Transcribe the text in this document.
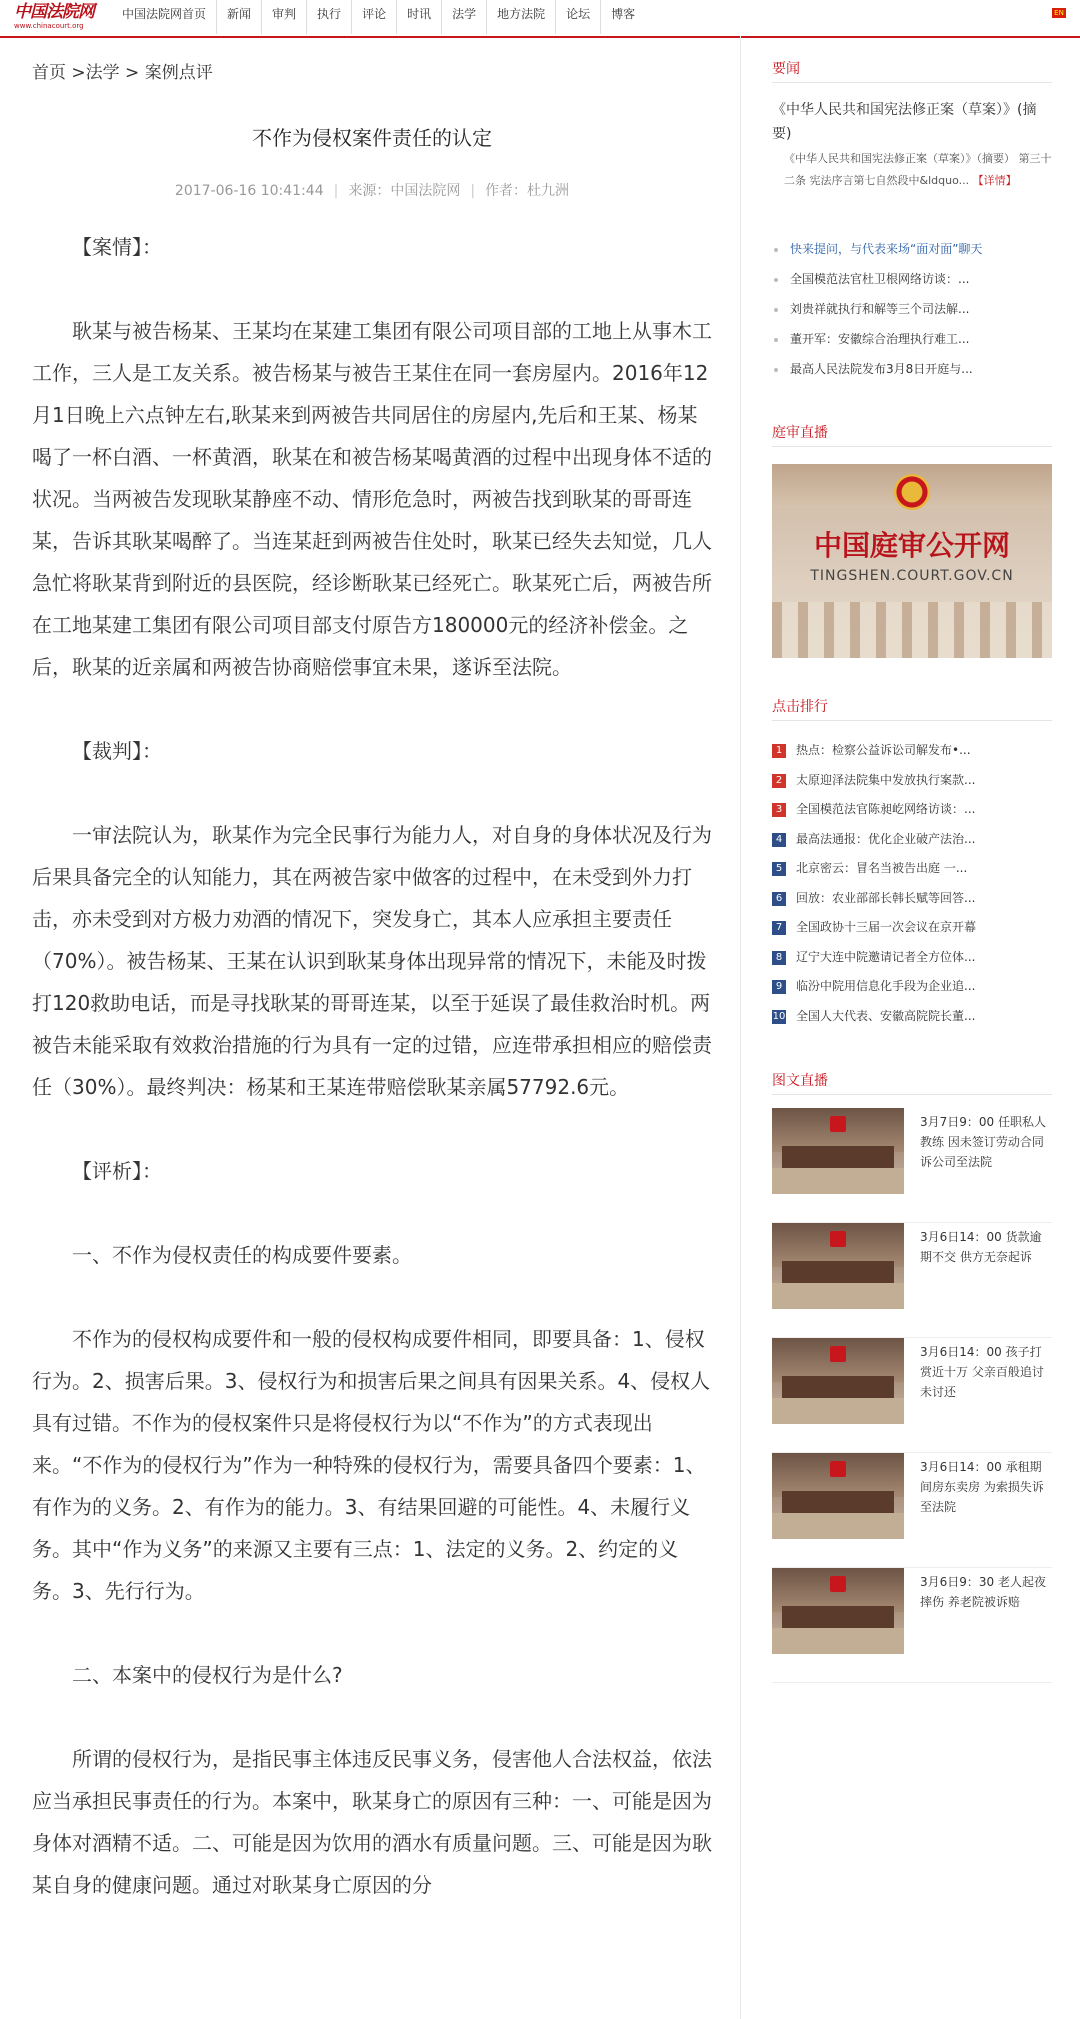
中国法院网
www.chinacourt.org
中国法院网首页	新闻	审判	执行	评论	时讯	法学	地方法院	论坛	博客	EN
首页 >法学 > 案例点评
不作为侵权案件责任的认定
2017-06-16 10:41:44 | 来源：中国法院网 | 作者：杜九洲
【案情】：

耿某与被告杨某、王某均在某建工集团有限公司项目部的工地上从事木工工作，三人是工友关系。被告杨某与被告王某住在同一套房屋内。2016年12月1日晚上六点钟左右,耿某来到两被告共同居住的房屋内,先后和王某、杨某喝了一杯白酒、一杯黄酒，耿某在和被告杨某喝黄酒的过程中出现身体不适的状况。当两被告发现耿某静座不动、情形危急时，两被告找到耿某的哥哥连某，告诉其耿某喝醉了。当连某赶到两被告住处时，耿某已经失去知觉，几人急忙将耿某背到附近的县医院，经诊断耿某已经死亡。耿某死亡后，两被告所在工地某建工集团有限公司项目部支付原告方180000元的经济补偿金。之后，耿某的近亲属和两被告协商赔偿事宜未果，遂诉至法院。

【裁判】：

一审法院认为，耿某作为完全民事行为能力人，对自身的身体状况及行为后果具备完全的认知能力，其在两被告家中做客的过程中，在未受到外力打击，亦未受到对方极力劝酒的情况下，突发身亡，其本人应承担主要责任（70%）。被告杨某、王某在认识到耿某身体出现异常的情况下，未能及时拨打120救助电话，而是寻找耿某的哥哥连某，以至于延误了最佳救治时机。两被告未能采取有效救治措施的行为具有一定的过错，应连带承担相应的赔偿责任（30%）。最终判决：杨某和王某连带赔偿耿某亲属57792.6元。

【评析】：

一、不作为侵权责任的构成要件要素。

不作为的侵权构成要件和一般的侵权构成要件相同，即要具备：1、侵权行为。2、损害后果。3、侵权行为和损害后果之间具有因果关系。4、侵权人具有过错。不作为的侵权案件只是将侵权行为以“不作为”的方式表现出来。“不作为的侵权行为”作为一种特殊的侵权行为，需要具备四个要素：1、有作为的义务。2、有作为的能力。3、有结果回避的可能性。4、未履行义务。其中“作为义务”的来源又主要有三点：1、法定的义务。2、约定的义务。3、先行行为。

二、本案中的侵权行为是什么?

所谓的侵权行为，是指民事主体违反民事义务，侵害他人合法权益，依法应当承担民事责任的行为。本案中，耿某身亡的原因有三种：一、可能是因为身体对酒精不适。二、可能是因为饮用的酒水有质量问题。三、可能是因为耿某自身的健康问题。通过对耿某身亡原因的分

要闻
《中华人民共和国宪法修正案（草案）》(摘要)
《中华人民共和国宪法修正案（草案）》（摘要） 第三十二条 宪法序言第七自然段中&ldquo... 【详情】
快来提问，与代表来场“面对面”聊天
全国模范法官杜卫根网络访谈：...
刘贵祥就执行和解等三个司法解...
董开军：安徽综合治理执行难工...
最高人民法院发布3月8日开庭与...
庭审直播
中国庭审公开网
TINGSHEN.COURT.GOV.CN
点击排行
1	热点：检察公益诉讼司解发布•...
2	太原迎泽法院集中发放执行案款...
3	全国模范法官陈昶屹网络访谈：...
4	最高法通报：优化企业破产法治...
5	北京密云：冒名当被告出庭 一...
6	回放：农业部部长韩长赋等回答...
7	全国政协十三届一次会议在京开幕
8	辽宁大连中院邀请记者全方位体...
9	临汾中院用信息化手段为企业追...
10 全国人大代表、安徽高院院长董...
图文直播
3月7日9：00 任职私人教练 因未签订劳动合同诉公司至法院
3月6日14：00 货款逾期不交 供方无奈起诉
3月6日14：00 孩子打赏近十万 父亲百般追讨未讨还
3月6日14：00 承租期间房东卖房 为索损失诉至法院
3月6日9：30 老人起夜摔伤 养老院被诉赔
